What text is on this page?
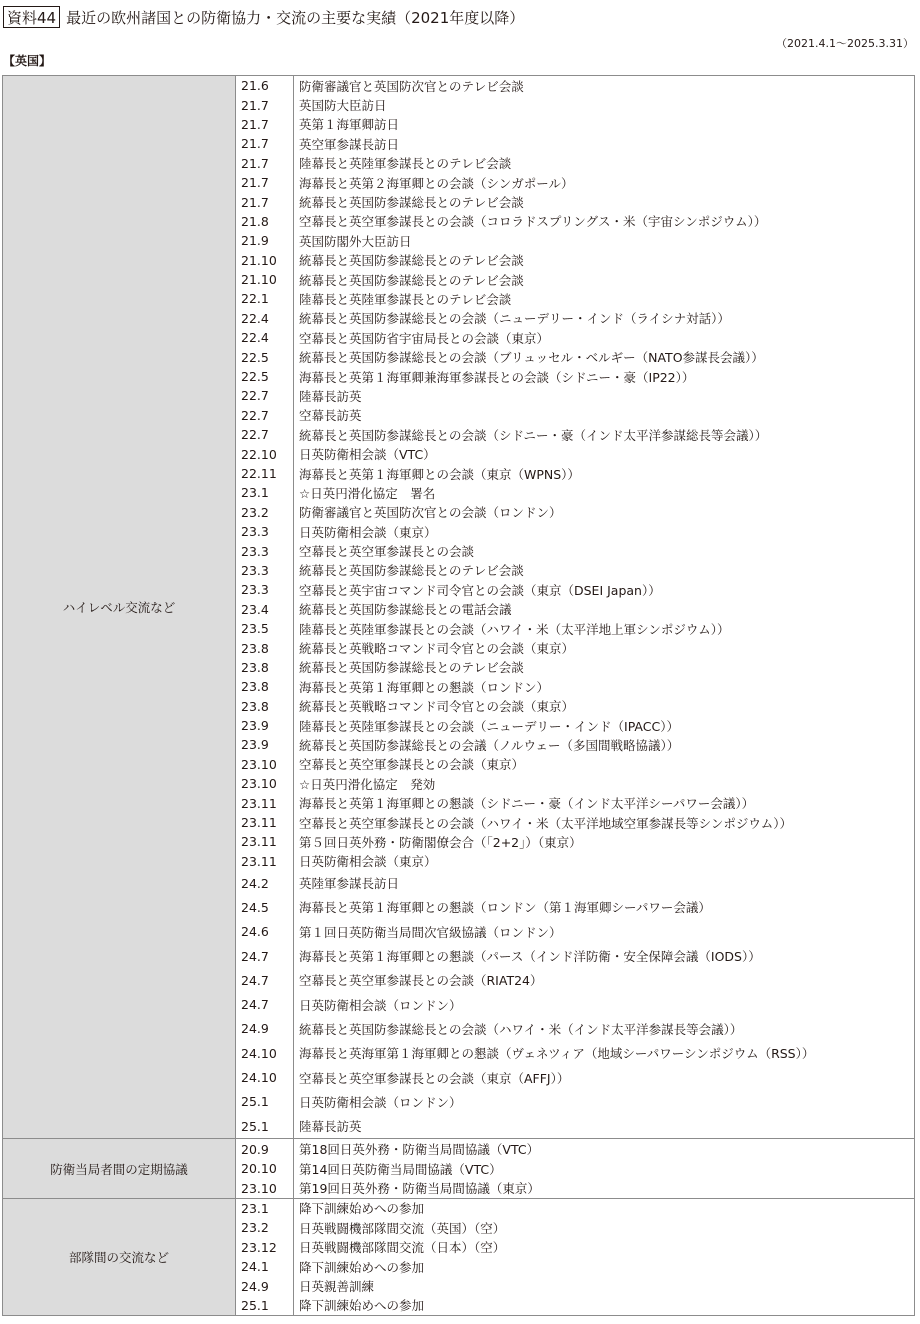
資料44 最近の欧州諸国との防衛協力・交流の主要な実績（2021年度以降）
（2021.4.1～2025.3.31）
【英国】
ハイレベル交流など	
21.6	防衛審議官と英国防次官とのテレビ会談
21.7	英国防大臣訪日
21.7	英第１海軍卿訪日
21.7	英空軍参謀長訪日
21.7	陸幕長と英陸軍参謀長とのテレビ会談
21.7	海幕長と英第２海軍卿との会談（シンガポール）
21.7	統幕長と英国防参謀総長とのテレビ会談
21.8	空幕長と英空軍参謀長との会談（コロラドスプリングス・米（宇宙シンポジウム））
21.9	英国防閣外大臣訪日
21.10	統幕長と英国防参謀総長とのテレビ会談
21.10	統幕長と英国防参謀総長とのテレビ会談
22.1	陸幕長と英陸軍参謀長とのテレビ会談
22.4	統幕長と英国防参謀総長との会談（ニューデリー・インド（ライシナ対話））
22.4	空幕長と英国防省宇宙局長との会談（東京）
22.5	統幕長と英国防参謀総長との会談（ブリュッセル・ベルギー（NATO参謀長会議））
22.5	海幕長と英第１海軍卿兼海軍参謀長との会談（シドニー・豪（IP22））
22.7	陸幕長訪英
22.7	空幕長訪英
22.7	統幕長と英国防参謀総長との会談（シドニー・豪（インド太平洋参謀総長等会議））
22.10	日英防衛相会談（VTC）
22.11	海幕長と英第１海軍卿との会談（東京（WPNS））
23.1	☆日英円滑化協定　署名
23.2	防衛審議官と英国防次官との会談（ロンドン）
23.3	日英防衛相会談（東京）
23.3	空幕長と英空軍参謀長との会談
23.3	統幕長と英国防参謀総長とのテレビ会談
23.3	空幕長と英宇宙コマンド司令官との会談（東京（DSEI Japan））
23.4	統幕長と英国防参謀総長との電話会議
23.5	陸幕長と英陸軍参謀長との会談（ハワイ・米（太平洋地上軍シンポジウム））
23.8	統幕長と英戦略コマンド司令官との会談（東京）
23.8	統幕長と英国防参謀総長とのテレビ会談
23.8	海幕長と英第１海軍卿との懇談（ロンドン）
23.8	統幕長と英戦略コマンド司令官との会談（東京）
23.9	陸幕長と英陸軍参謀長との会談（ニューデリー・インド（IPACC））
23.9	統幕長と英国防参謀総長との会議（ノルウェー（多国間戦略協議））
23.10	空幕長と英空軍参謀長との会談（東京）
23.10	☆日英円滑化協定　発効
23.11	海幕長と英第１海軍卿との懇談（シドニー・豪（インド太平洋シーパワー会議））
23.11	空幕長と英空軍参謀長との会談（ハワイ・米（太平洋地域空軍参謀長等シンポジウム））
23.11	第５回日英外務・防衛閣僚会合（「2+2」）（東京）
23.11	日英防衛相会談（東京）
24.2	英陸軍参謀長訪日
24.5	海幕長と英第１海軍卿との懇談（ロンドン（第１海軍卿シーパワー会議）
24.6	第１回日英防衛当局間次官級協議（ロンドン）
24.7	海幕長と英第１海軍卿との懇談（パース（インド洋防衛・安全保障会議（IODS））
24.7	空幕長と英空軍参謀長との会談（RIAT24）
24.7	日英防衛相会談（ロンドン）
24.9	統幕長と英国防参謀総長との会談（ハワイ・米（インド太平洋参謀長等会議））
24.10	海幕長と英海軍第１海軍卿との懇談（ヴェネツィア（地域シーパワーシンポジウム（RSS））
24.10	空幕長と英空軍参謀長との会談（東京（AFFJ））
25.1	日英防衛相会談（ロンドン）
25.1	陸幕長訪英

防衛当局者間の定期協議	
20.9	第18回日英外務・防衛当局間協議（VTC）
20.10	第14回日英防衛当局間協議（VTC）
23.10	第19回日英外務・防衛当局間協議（東京）

部隊間の交流など	
23.1	降下訓練始めへの参加
23.2	日英戦闘機部隊間交流（英国）（空）
23.12	日英戦闘機部隊間交流（日本）（空）
24.1	降下訓練始めへの参加
24.9	日英親善訓練
25.1	降下訓練始めへの参加
